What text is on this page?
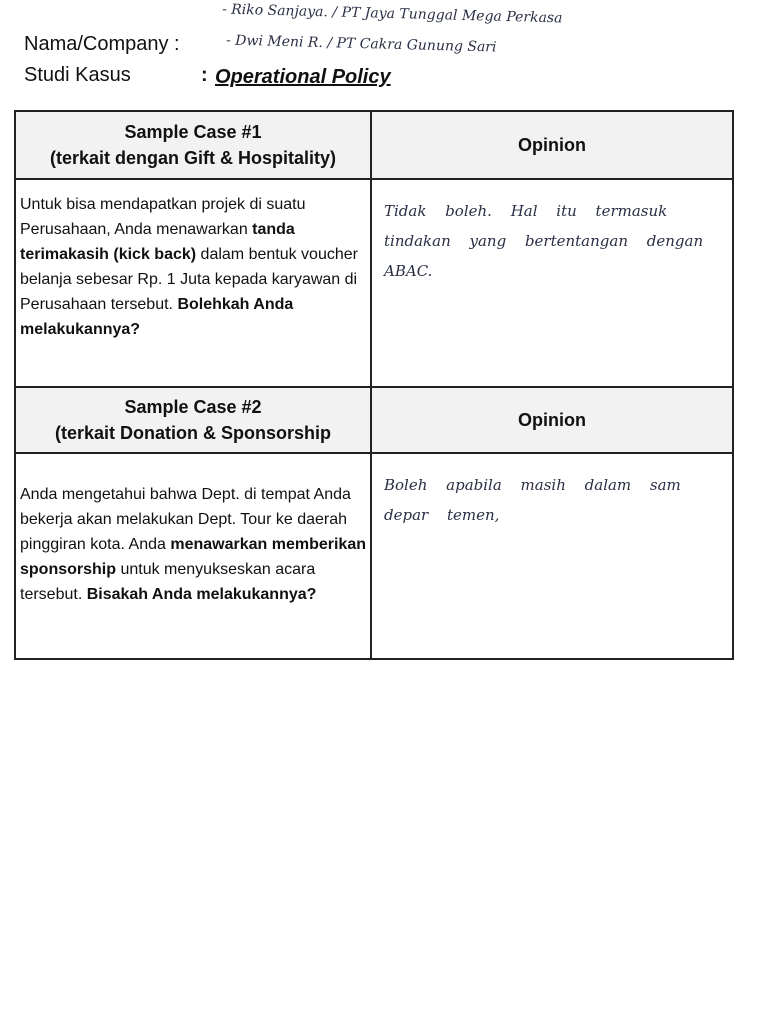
- Riko Sanjaya. / PT Jaya Tunggal Mega Perkasa
Nama/Company :	- Dwi Meni R. / PT Cakra Gunung Sari
Studi Kasus	: Operational Policy
Sample Case #1
(terkait dengan Gift & Hospitality)
Opinion
Untuk bisa mendapatkan projek di suatu Perusahaan, Anda menawarkan tanda terimakasih (kick back) dalam bentuk voucher belanja sebesar Rp. 1 Juta kepada karyawan di Perusahaan tersebut. Bolehkah Anda melakukannya?
Tidak boleh. Hal itu termasuk tindakan yang bertentangan dengan ABAC.
Sample Case #2
(terkait Donation & Sponsorship
Opinion
Anda mengetahui bahwa Dept. di tempat Anda bekerja akan melakukan Dept. Tour ke daerah pinggiran kota. Anda menawarkan memberikan sponsorship untuk menyukseskan acara tersebut. Bisakah Anda melakukannya?
Boleh apabila masih dalam sam depar temen,
